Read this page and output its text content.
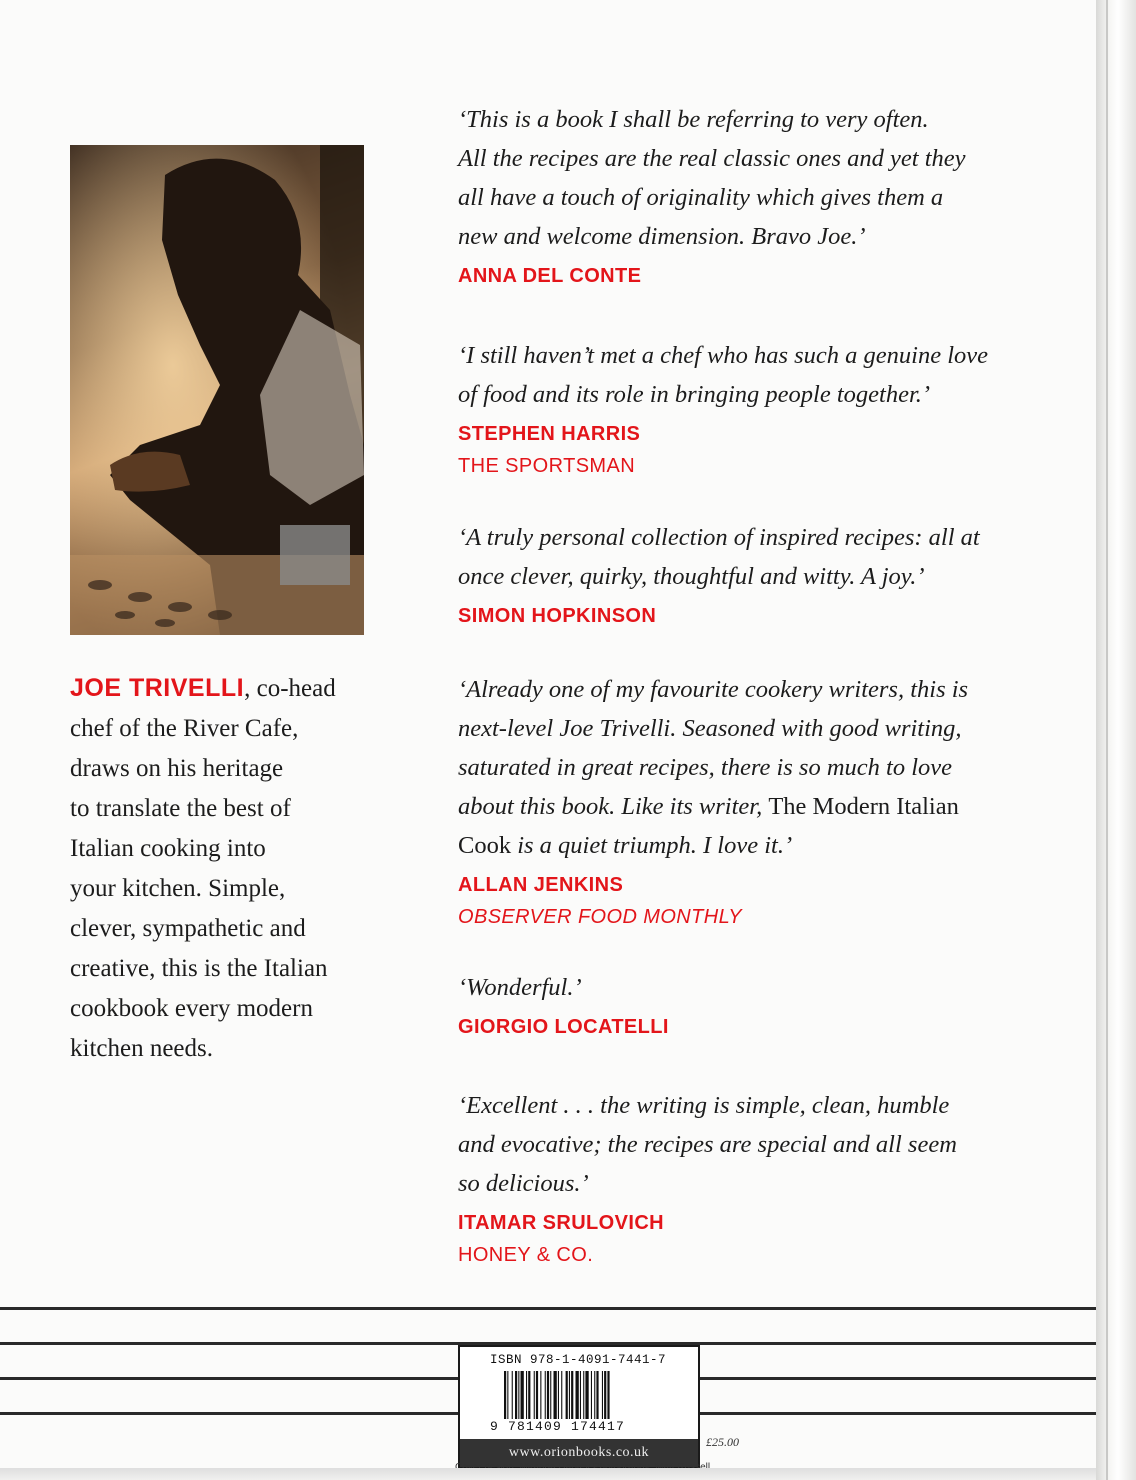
JOE TRIVELLI, co-head
chef of the River Cafe,
draws on his heritage
to translate the best of
Italian cooking into
your kitchen. Simple,
clever, sympathetic and
creative, this is the Italian
cookbook every modern
kitchen needs.
‘This is a book I shall be referring to very often.
All the recipes are the real classic ones and yet they
all have a touch of originality which gives them a
new and welcome dimension. Bravo Joe.’
ANNA DEL CONTE
‘I still haven’t met a chef who has such a genuine love
of food and its role in bringing people together.’
STEPHEN HARRIS
THE SPORTSMAN
‘A truly personal collection of inspired recipes: all at
once clever, quirky, thoughtful and witty. A joy.’
SIMON HOPKINSON
‘Already one of my favourite cookery writers, this is
next-level Joe Trivelli. Seasoned with good writing,
saturated in great recipes, there is so much to love
about this book. Like its writer, The Modern Italian
Cook is a quiet triumph. I love it.’
ALLAN JENKINS
OBSERVER FOOD MONTHLY
‘Wonderful.’
GIORGIO LOCATELLI
‘Excellent . . . the writing is simple, clean, humble
and evocative; the recipes are special and all seem
so delicious.’
ITAMAR SRULOVICH
HONEY & CO.
ISBN 978-1-4091-7441-7
9 781409 174417
www.orionbooks.co.uk
£25.00
